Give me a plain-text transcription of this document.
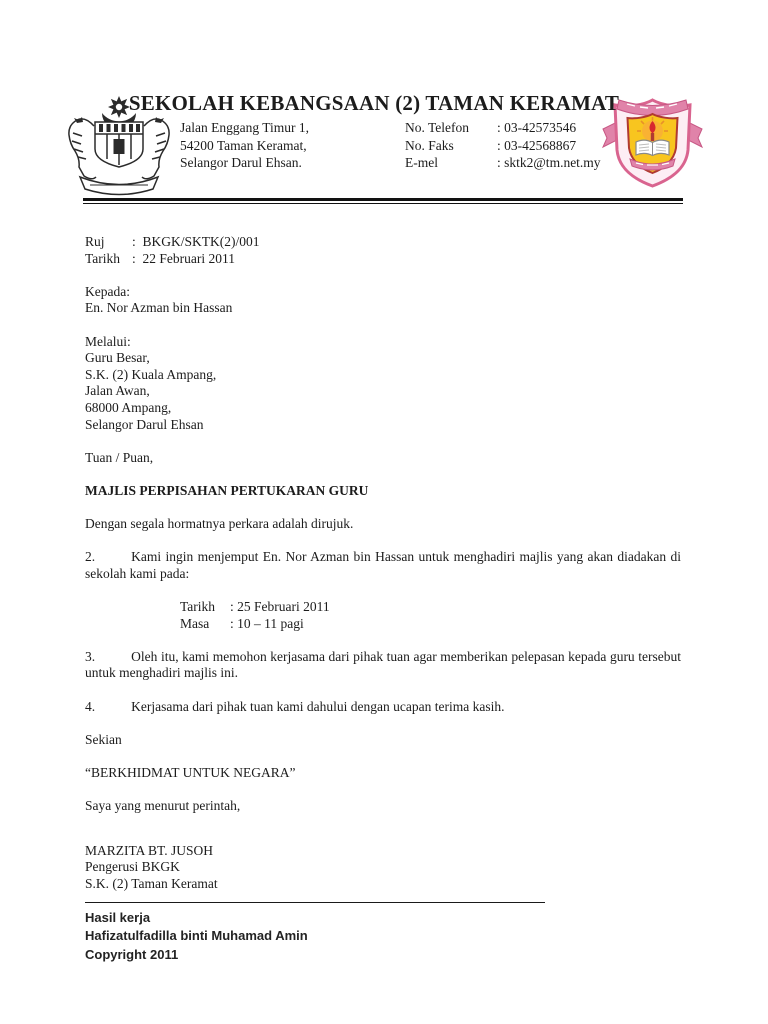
SEKOLAH KEBANGSAAN (2) TAMAN KERAMAT
Jalan Enggang Timur 1,
54200 Taman Keramat,
Selangor Darul Ehsan.
No. Telefon : 03-42573546
No. Faks	: 03-42568867
E-mel	: sktk2@tm.net.my
Ruj :  BKGK/SKTK(2)/001
Tarikh :  22 Februari 2011
Kepada:
En. Nor Azman bin Hassan
Melalui:
Guru Besar,
S.K. (2) Kuala Ampang,
Jalan Awan,
68000 Ampang,
Selangor Darul Ehsan
Tuan / Puan,
MAJLIS PERPISAHAN PERTUKARAN GURU
Dengan segala hormatnya perkara adalah dirujuk.
2.	Kami ingin menjemput En. Nor Azman bin Hassan untuk menghadiri majlis yang akan diadakan di sekolah kami pada:
Tarikh : 25 Februari 2011
Masa : 10 – 11 pagi
3.	Oleh itu, kami memohon kerjasama dari pihak tuan agar memberikan pelepasan kepada guru tersebut untuk menghadiri majlis ini.
4.	Kerjasama dari pihak tuan kami dahului dengan ucapan terima kasih.
Sekian
“BERKHIDMAT UNTUK NEGARA”
Saya yang menurut perintah,
MARZITA BT. JUSOH
Pengerusi BKGK
S.K. (2) Taman Keramat
Hasil kerja
Hafizatulfadilla binti Muhamad Amin
Copyright 2011
